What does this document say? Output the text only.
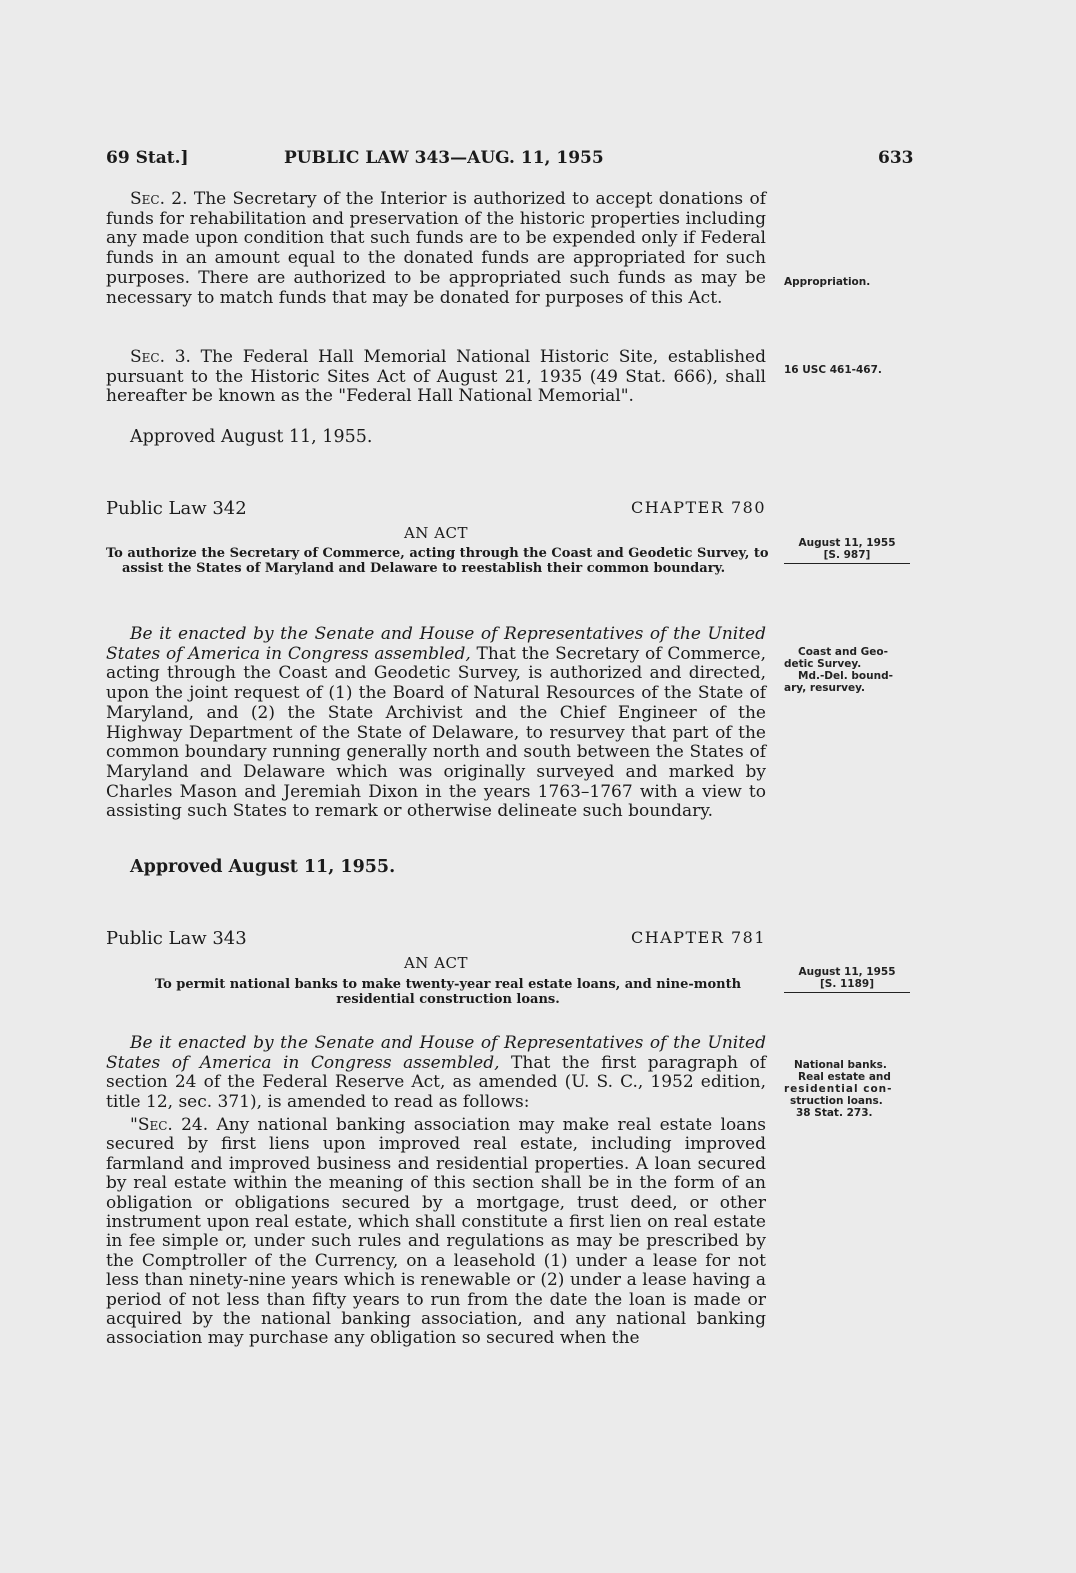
69 Stat.]	PUBLIC LAW 343—AUG. 11, 1955	633

Sec. 2. The Secretary of the Interior is authorized to accept donations of funds for rehabilitation and preservation of the historic properties including any made upon condition that such funds are to be expended only if Federal funds in an amount equal to the donated funds are appropriated for such purposes. There are authorized to be appropriated such funds as may be necessary to match funds that may be donated for purposes of this Act.

Sec. 3. The Federal Hall Memorial National Historic Site, established pursuant to the Historic Sites Act of August 21, 1935 (49 Stat. 666), shall hereafter be known as the "Federal Hall National Memorial".

Approved August 11, 1955.

Public Law 342	CHAPTER 780
AN ACT
To authorize the Secretary of Commerce, acting through the Coast and Geodetic Survey, to assist the States of Maryland and Delaware to reestablish their common boundary.

Be it enacted by the Senate and House of Representatives of the United States of America in Congress assembled, That the Secretary of Commerce, acting through the Coast and Geodetic Survey, is authorized and directed, upon the joint request of (1) the Board of Natural Resources of the State of Maryland, and (2) the State Archivist and the Chief Engineer of the Highway Department of the State of Delaware, to resurvey that part of the common boundary running generally north and south between the States of Maryland and Delaware which was originally surveyed and marked by Charles Mason and Jeremiah Dixon in the years 1763–1767 with a view to assisting such States to remark or otherwise delineate such boundary.

Approved August 11, 1955.

Public Law 343	CHAPTER 781
AN ACT
To permit national banks to make twenty-year real estate loans, and nine-month residential construction loans.

Be it enacted by the Senate and House of Representatives of the United States of America in Congress assembled, That the first paragraph of section 24 of the Federal Reserve Act, as amended (U. S. C., 1952 edition, title 12, sec. 371), is amended to read as follows:

"Sec. 24. Any national banking association may make real estate loans secured by first liens upon improved real estate, including improved farmland and improved business and residential properties. A loan secured by real estate within the meaning of this section shall be in the form of an obligation or obligations secured by a mortgage, trust deed, or other instrument upon real estate, which shall constitute a first lien on real estate in fee simple or, under such rules and regulations as may be prescribed by the Comptroller of the Currency, on a leasehold (1) under a lease for not less than ninety-nine years which is renewable or (2) under a lease having a period of not less than fifty years to run from the date the loan is made or acquired by the national banking association, and any national banking association may purchase any obligation so secured when the

Appropriation.
16 USC 461-467.
August 11, 1955
[S. 987]
Coast and Geo-
detic Survey.
Md.-Del. bound-
ary, resurvey.
August 11, 1955
[S. 1189]
National banks.
Real estate and
residential con-
struction loans.
38 Stat. 273.
